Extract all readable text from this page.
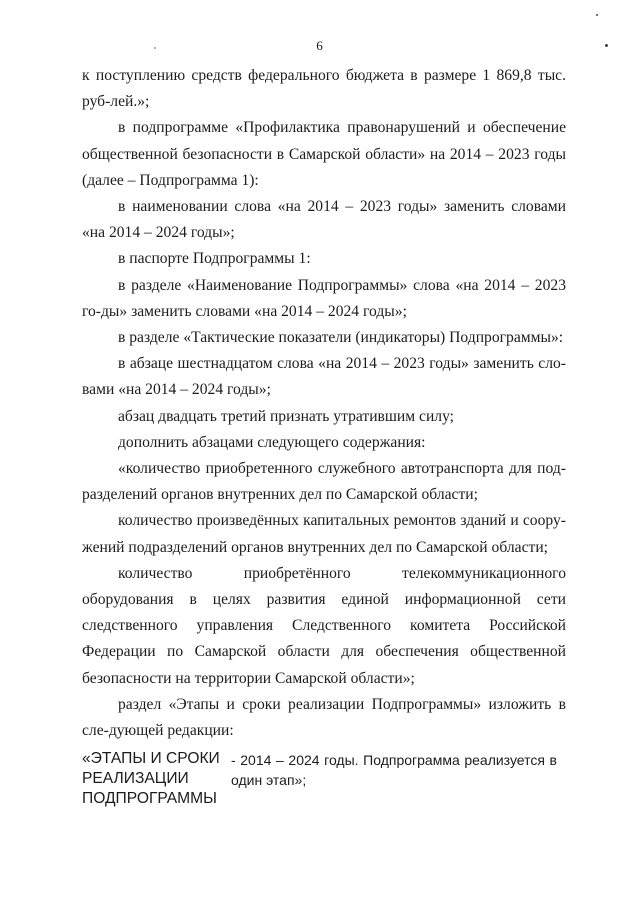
6

к поступлению средств федерального бюджета в размере 1 869,8 тыс. руб-лей.»;

в подпрограмме «Профилактика правонарушений и обеспечение общественной безопасности в Самарской области» на 2014 – 2023 годы (далее – Подпрограмма 1):

в наименовании слова «на 2014 – 2023 годы» заменить словами «на 2014 – 2024 годы»;

в паспорте Подпрограммы 1:

в разделе «Наименование Подпрограммы» слова «на 2014 – 2023 го-ды» заменить словами «на 2014 – 2024 годы»;

в разделе «Тактические показатели (индикаторы) Подпрограммы»:

в абзаце шестнадцатом слова «на 2014 – 2023 годы» заменить сло-вами «на 2014 – 2024 годы»;

абзац двадцать третий признать утратившим силу;

дополнить абзацами следующего содержания:

«количество приобретенного служебного автотранспорта для под-разделений органов внутренних дел по Самарской области;

количество произведённых капитальных ремонтов зданий и соору-жений подразделений органов внутренних дел по Самарской области;

количество приобретённого телекоммуникационного оборудования в целях развития единой информационной сети следственного управления Следственного комитета Российской Федерации по Самарской области для обеспечения общественной безопасности на территории Самарской области»;

раздел «Этапы и сроки реализации Подпрограммы» изложить в сле-дующей редакции:

«ЭТАПЫ И СРОКИ РЕАЛИЗАЦИИ ПОДПРОГРАММЫ
- 2014 – 2024 годы. Подпрограмма реализуется в один этап»;
